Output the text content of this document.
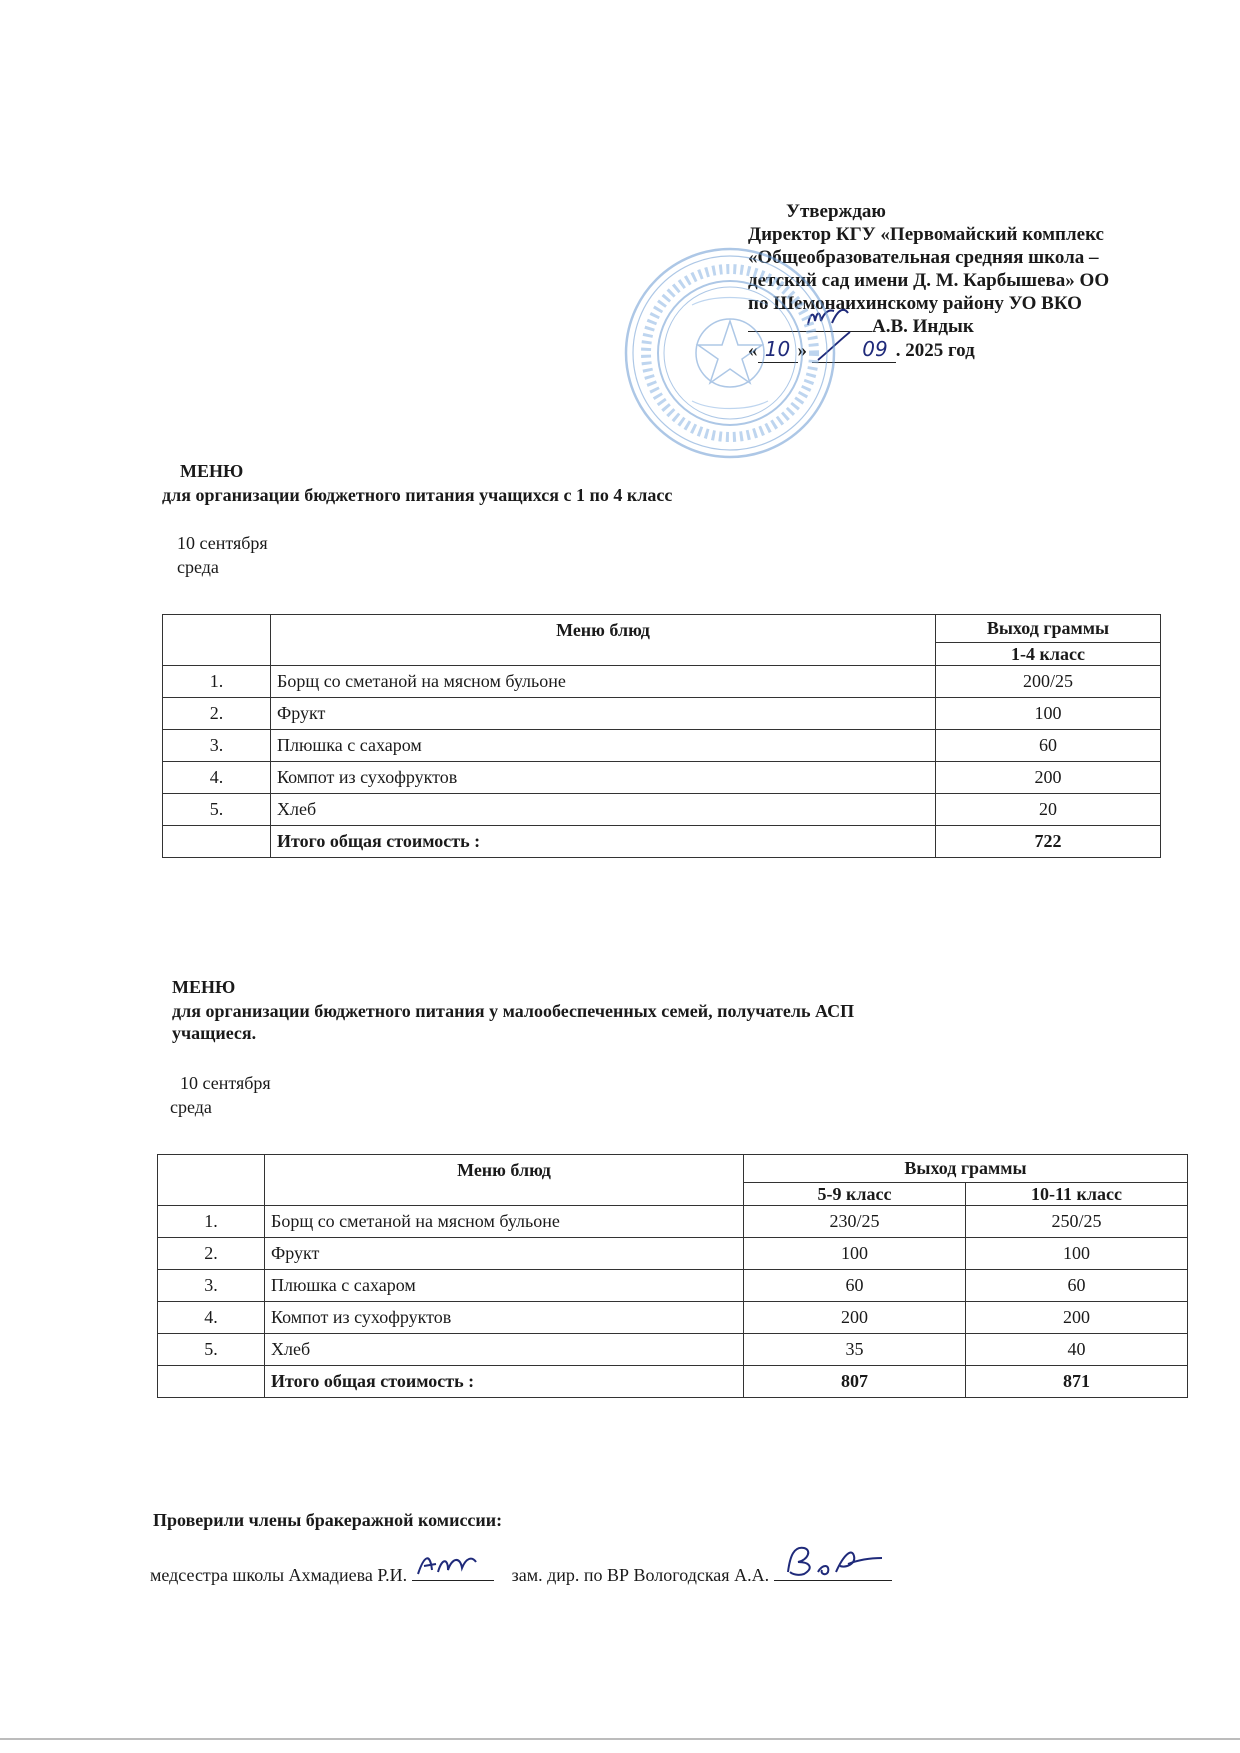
Утверждаю
Директор КГУ «Первомайский комплекс
«Общеобразовательная средняя школа –
детский сад имени Д. М. Карбышева» ОО
по Шемонаихинскому району УО ВКО
А.В. Индык
« 10 »	09 . 2025 год
МЕНЮ
для организации бюджетного питания учащихся с 1 по 4 класс
10 сентября
среда
	Меню блюд	Выход граммы
		1-4 класс
1.	Борщ со сметаной на мясном бульоне	200/25
2.	Фрукт	100
3.	Плюшка с сахаром	60
4.	Компот из сухофруктов	200
5.	Хлеб	20
	Итого общая стоимость :	722
МЕНЮ
для организации бюджетного питания у малообеспеченных семей, получатель АСП
учащиеся.
10 сентября
среда
	Меню блюд	Выход граммы	
		5-9 класс	10-11 класс
1.	Борщ со сметаной на мясном бульоне	230/25	250/25
2.	Фрукт	100	100
3.	Плюшка с сахаром	60	60
4.	Компот из сухофруктов	200	200
5.	Хлеб	35	40
	Итого общая стоимость :	807	871
Проверили члены бракеражной комиссии:
медсестра школы Ахмадиева Р.И.	зам. дир. по ВР Вологодская А.А.
